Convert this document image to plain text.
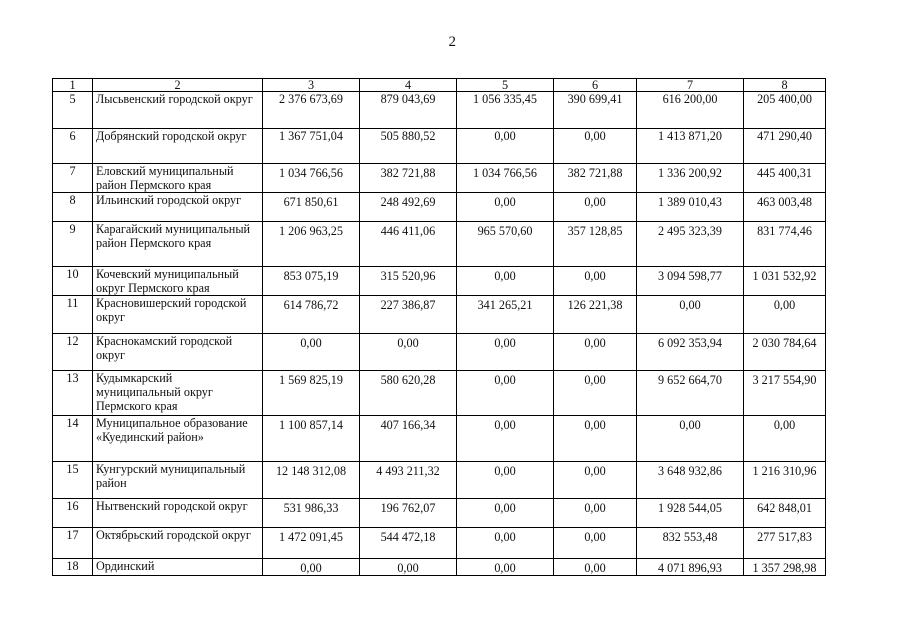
2
1	2	3	4	5	6	7	8
5	Лысьвенский городской округ	2 376 673,69	879 043,69	1 056 335,45	390 699,41	616 200,00	205 400,00
6	Добрянский городской округ	1 367 751,04	505 880,52	0,00	0,00	1 413 871,20	471 290,40
7	Еловский муниципальный район Пермского края	1 034 766,56	382 721,88	1 034 766,56	382 721,88	1 336 200,92	445 400,31
8	Ильинский городской округ	671 850,61	248 492,69	0,00	0,00	1 389 010,43	463 003,48
9	Карагайский муниципальный район Пермского края	1 206 963,25	446 411,06	965 570,60	357 128,85	2 495 323,39	831 774,46
10	Кочевский муниципальный округ Пермского края	853 075,19	315 520,96	0,00	0,00	3 094 598,77	1 031 532,92
11	Красновишерский городской округ	614 786,72	227 386,87	341 265,21	126 221,38	0,00	0,00
12	Краснокамский городской округ	0,00	0,00	0,00	0,00	6 092 353,94	2 030 784,64
13	Кудымкарский муниципальный округ Пермского края	1 569 825,19	580 620,28	0,00	0,00	9 652 664,70	3 217 554,90
14	Муниципальное образование «Куединский район»	1 100 857,14	407 166,34	0,00	0,00	0,00	0,00
15	Кунгурский муниципальный район	12 148 312,08	4 493 211,32	0,00	0,00	3 648 932,86	1 216 310,96
16	Нытвенский городской округ	531 986,33	196 762,07	0,00	0,00	1 928 544,05	642 848,01
17	Октябрьский городской округ	1 472 091,45	544 472,18	0,00	0,00	832 553,48	277 517,83
18	Ординский	0,00	0,00	0,00	0,00	4 071 896,93	1 357 298,98
